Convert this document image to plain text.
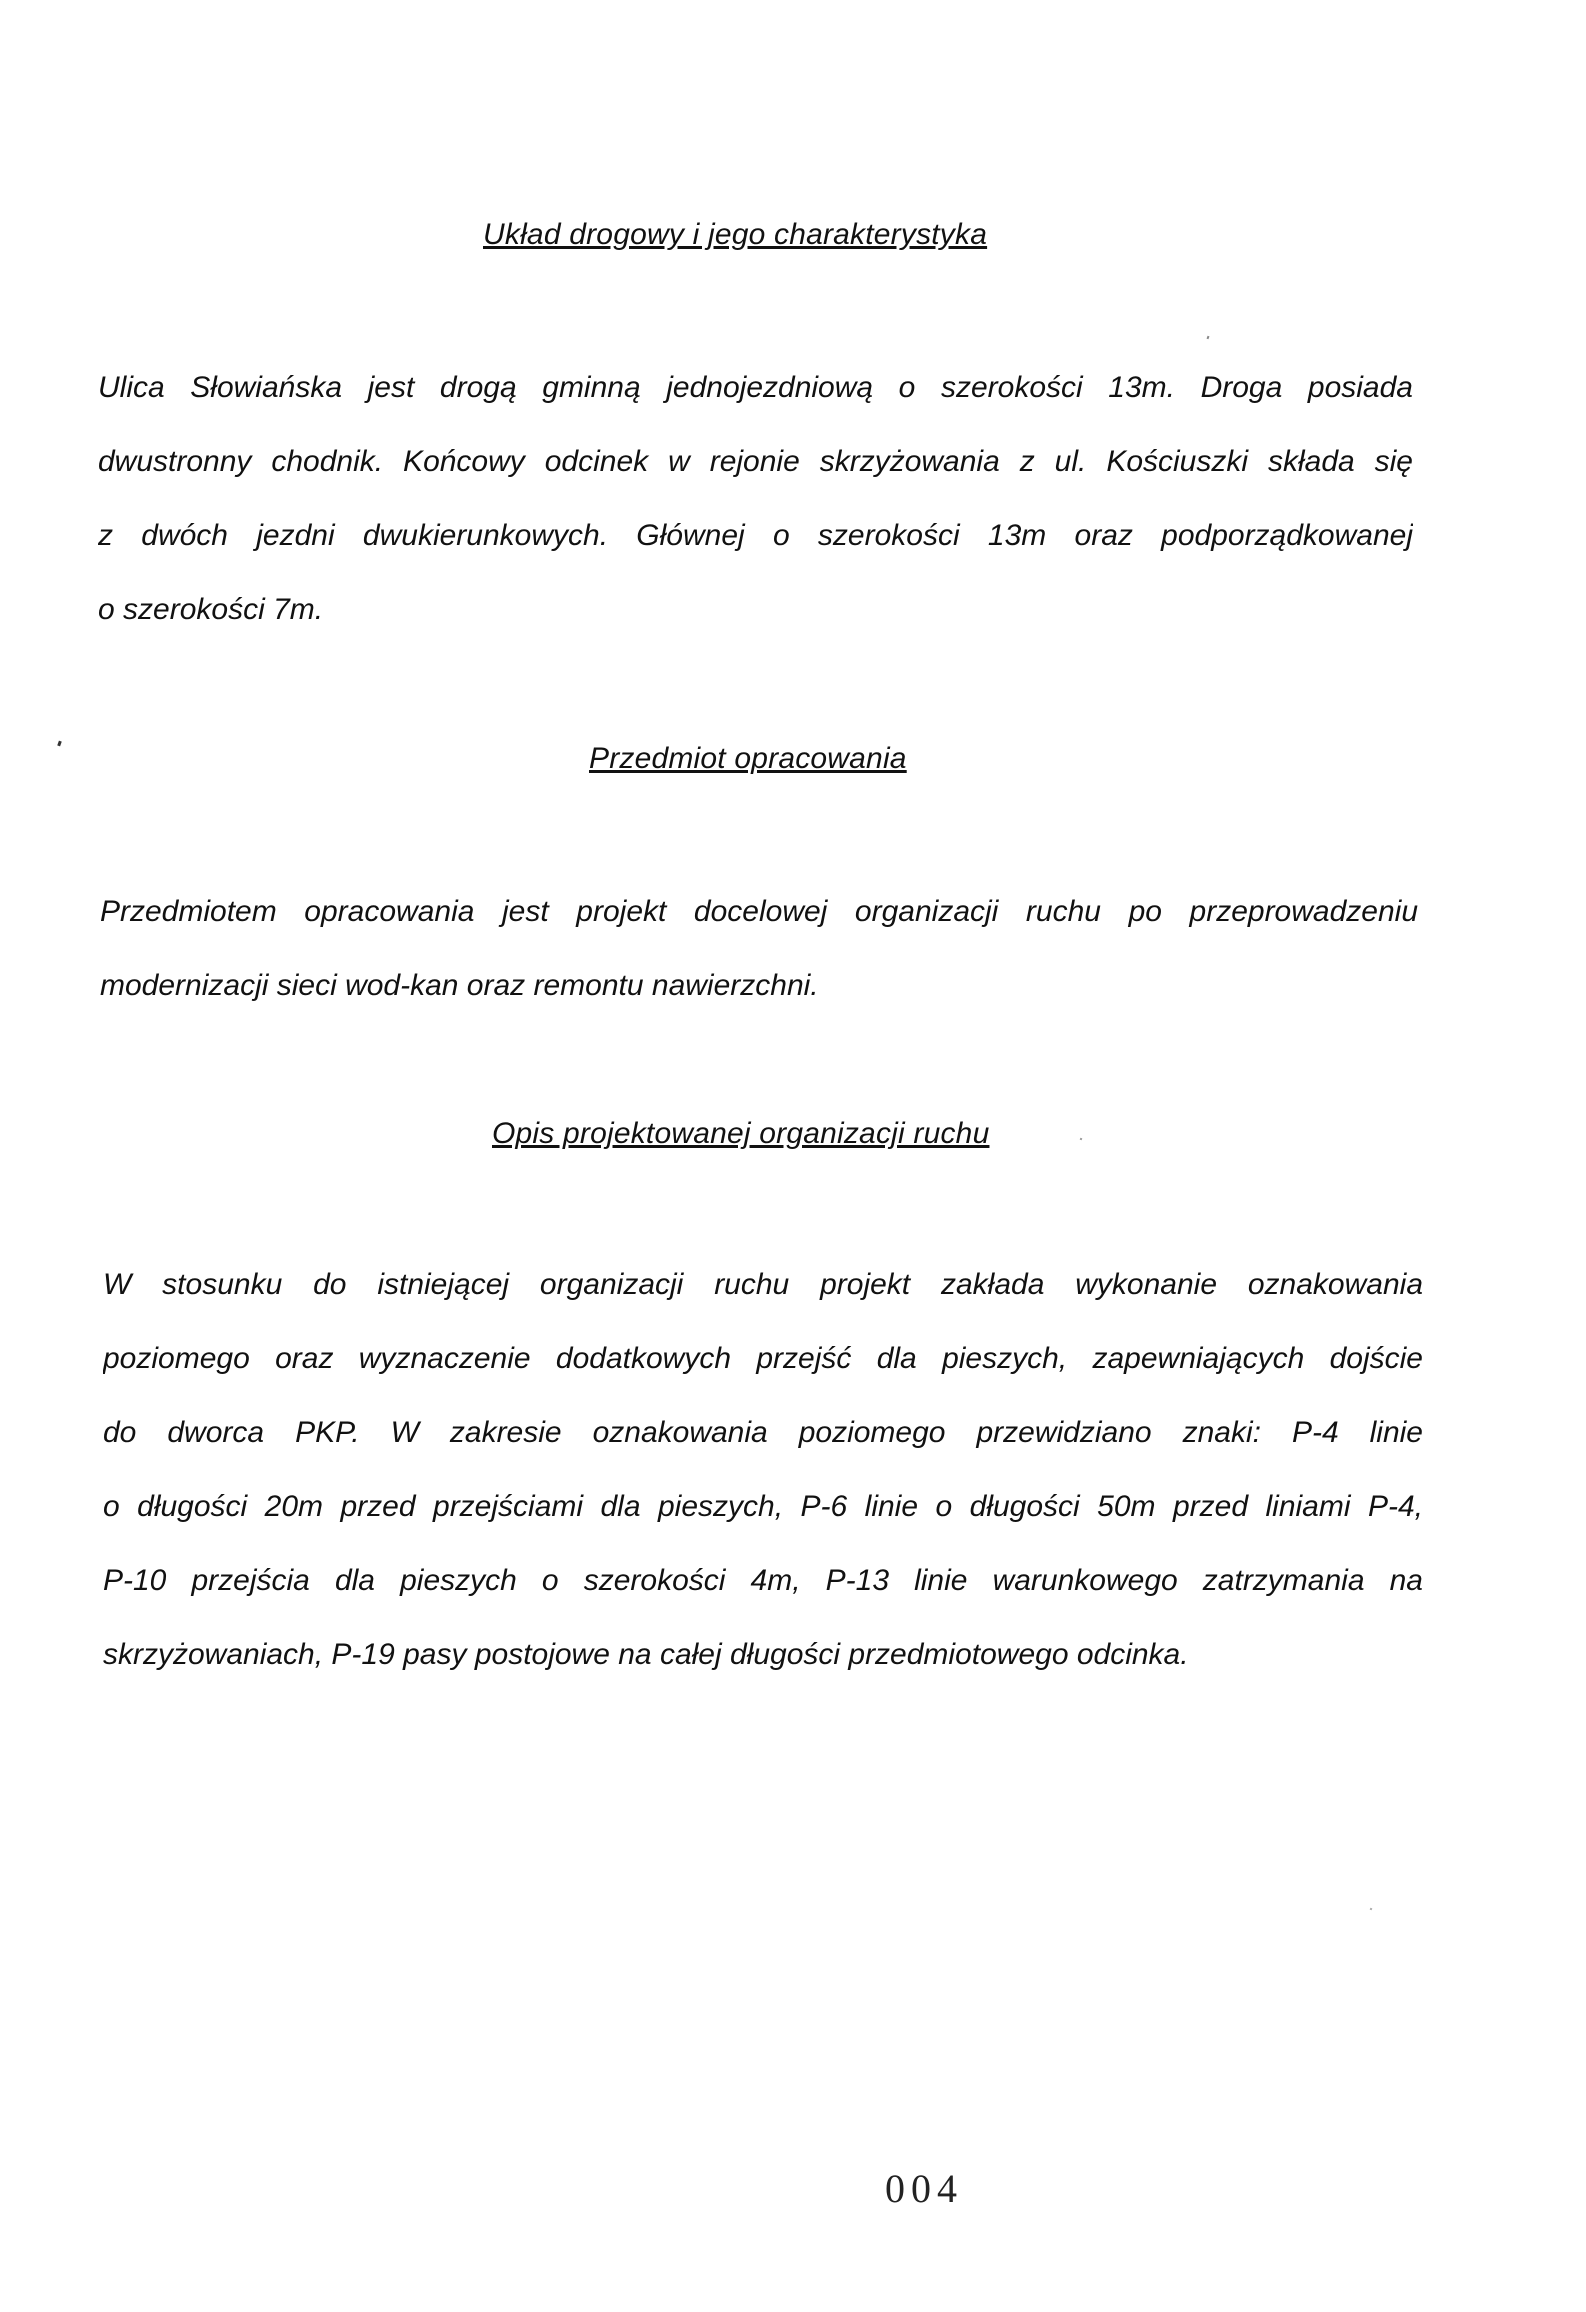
Układ drogowy i jego charakterystyka
Ulica Słowiańska jest drogą gminną jednojezdniową o szerokości 13m. Droga posiada
dwustronny chodnik. Końcowy odcinek w rejonie skrzyżowania z ul. Kościuszki składa się
z dwóch jezdni dwukierunkowych. Głównej o szerokości 13m oraz podporządkowanej
o szerokości 7m.
Przedmiot opracowania
Przedmiotem opracowania jest projekt docelowej organizacji ruchu po przeprowadzeniu
modernizacji sieci wod-kan oraz remontu nawierzchni.
Opis projektowanej organizacji ruchu
W stosunku do istniejącej organizacji ruchu projekt zakłada wykonanie oznakowania
poziomego oraz wyznaczenie dodatkowych przejść dla pieszych, zapewniających dojście
do dworca PKP. W zakresie oznakowania poziomego przewidziano znaki: P-4 linie
o długości 20m przed przejściami dla pieszych, P-6 linie o długości 50m przed liniami P-4,
P-10 przejścia dla pieszych o szerokości 4m, P-13 linie warunkowego zatrzymania na
skrzyżowaniach, P-19 pasy postojowe na całej długości przedmiotowego odcinka.
004
